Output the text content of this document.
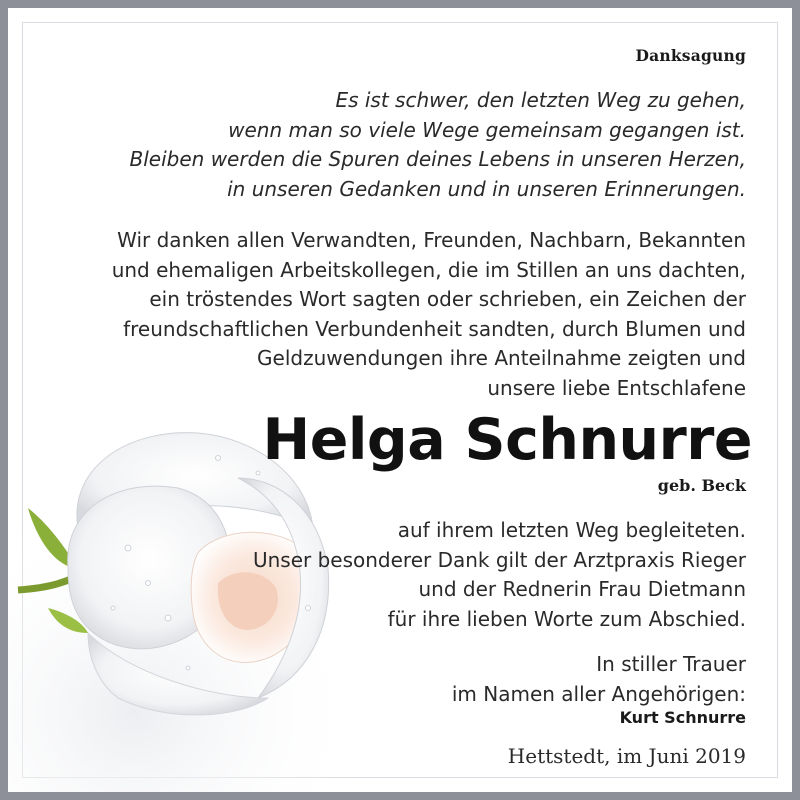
Danksagung
Es ist schwer, den letzten Weg zu gehen,
wenn man so viele Wege gemeinsam gegangen ist.
Bleiben werden die Spuren deines Lebens in unseren Herzen,
in unseren Gedanken und in unseren Erinnerungen.
Wir danken allen Verwandten, Freunden, Nachbarn, Bekannten
und ehemaligen Arbeitskollegen, die im Stillen an uns dachten,
ein tröstendes Wort sagten oder schrieben, ein Zeichen der
freundschaftlichen Verbundenheit sandten, durch Blumen und
Geldzuwendungen ihre Anteilnahme zeigten und
unsere liebe Entschlafene
Helga Schnurre
geb. Beck
auf ihrem letzten Weg begleiteten.
Unser besonderer Dank gilt der Arztpraxis Rieger
und der Rednerin Frau Dietmann
für ihre lieben Worte zum Abschied.
In stiller Trauer
im Namen aller Angehörigen:
Kurt Schnurre
Hettstedt, im Juni 2019
